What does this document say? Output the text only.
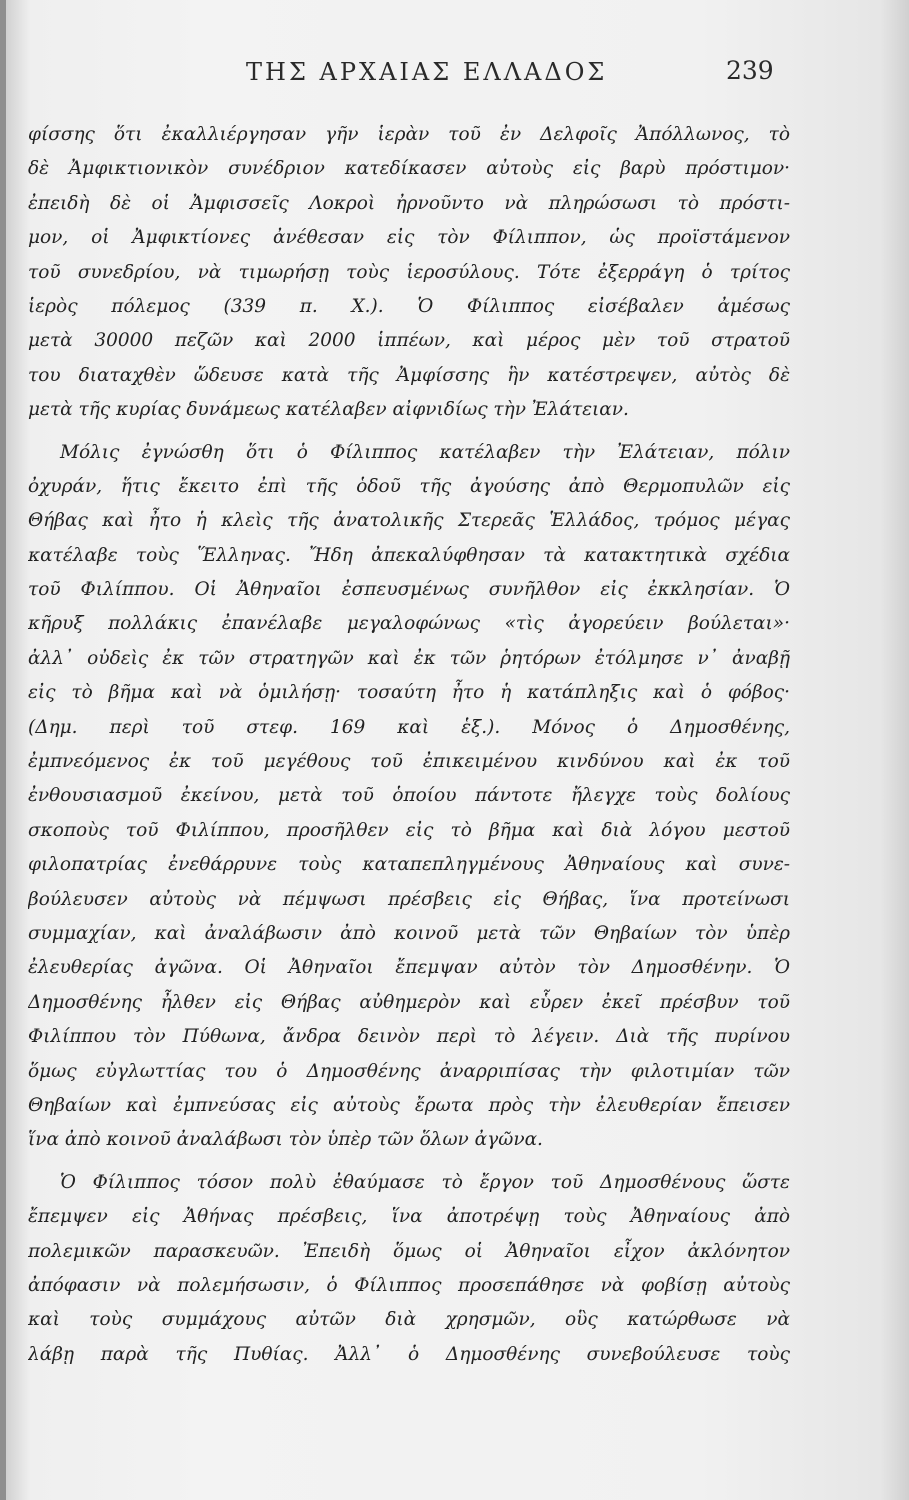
ΤΗΣ ΑΡΧΑΙΑΣ ΕΛΛΑΔΟΣ	239
φίσσης ὅτι ἐκαλλιέργησαν γῆν ἱερὰν τοῦ ἐν Δελφοῖς Ἀπόλλωνος, τὸ
δὲ Ἀμφικτιονικὸν συνέδριον κατεδίκασεν αὐτοὺς εἰς βαρὺ πρόστιμον·
ἐπειδὴ δὲ οἱ Ἀμφισσεῖς Λοκροὶ ἠρνοῦντο νὰ πληρώσωσι τὸ πρόστι-
μον, οἱ Ἀμφικτίονες ἀνέθεσαν εἰς τὸν Φίλιππον, ὡς προϊστάμενον
τοῦ συνεδρίου, νὰ τιμωρήσῃ τοὺς ἱεροσύλους. Τότε ἐξερράγη ὁ τρίτος
ἱερὸς πόλεμος (339 π. Χ.). Ὁ Φίλιππος εἰσέβαλεν ἀμέσως
μετὰ 30000 πεζῶν καὶ 2000 ἱππέων, καὶ μέρος μὲν τοῦ στρατοῦ
του διαταχθὲν ὥδευσε κατὰ τῆς Ἀμφίσσης ἣν κατέστρεψεν, αὐτὸς δὲ
μετὰ τῆς κυρίας δυνάμεως κατέλαβεν αἰφνιδίως τὴν Ἐλάτειαν.
Μόλις ἐγνώσθη ὅτι ὁ Φίλιππος κατέλαβεν τὴν Ἐλάτειαν, πόλιν
ὀχυράν, ἥτις ἔκειτο ἐπὶ τῆς ὁδοῦ τῆς ἀγούσης ἀπὸ Θερμοπυλῶν εἰς
Θήβας καὶ ἦτο ἡ κλεὶς τῆς ἀνατολικῆς Στερεᾶς Ἑλλάδος, τρόμος μέγας
κατέλαβε τοὺς Ἕλληνας. Ἤδη ἀπεκαλύφθησαν τὰ κατακτητικὰ σχέδια
τοῦ Φιλίππου. Οἱ Ἀθηναῖοι ἐσπευσμένως συνῆλθον εἰς ἐκκλησίαν. Ὁ
κῆρυξ πολλάκις ἐπανέλαβε μεγαλοφώνως «τὶς ἀγορεύειν βούλεται»·
ἀλλ᾿ οὐδεὶς ἐκ τῶν στρατηγῶν καὶ ἐκ τῶν ῥητόρων ἐτόλμησε ν᾿ ἀναβῇ
εἰς τὸ βῆμα καὶ νὰ ὁμιλήσῃ· τοσαύτη ἦτο ἡ κατάπληξις καὶ ὁ φόβος·
(Δημ. περὶ τοῦ στεφ. 169 καὶ ἑξ.). Μόνος ὁ Δημοσθένης,
ἐμπνεόμενος ἐκ τοῦ μεγέθους τοῦ ἐπικειμένου κινδύνου καὶ ἐκ τοῦ
ἐνθουσιασμοῦ ἐκείνου, μετὰ τοῦ ὁποίου πάντοτε ἤλεγχε τοὺς δολίους
σκοποὺς τοῦ Φιλίππου, προσῆλθεν εἰς τὸ βῆμα καὶ διὰ λόγου μεστοῦ
φιλοπατρίας ἐνεθάρρυνε τοὺς καταπεπληγμένους Ἀθηναίους καὶ συνε-
βούλευσεν αὐτοὺς νὰ πέμψωσι πρέσβεις εἰς Θήβας, ἵνα προτείνωσι
συμμαχίαν, καὶ ἀναλάβωσιν ἀπὸ κοινοῦ μετὰ τῶν Θηβαίων τὸν ὑπὲρ
ἐλευθερίας ἀγῶνα. Οἱ Ἀθηναῖοι ἔπεμψαν αὐτὸν τὸν Δημοσθένην. Ὁ
Δημοσθένης ἦλθεν εἰς Θήβας αὐθημερὸν καὶ εὗρεν ἐκεῖ πρέσβυν τοῦ
Φιλίππου τὸν Πύθωνα, ἄνδρα δεινὸν περὶ τὸ λέγειν. Διὰ τῆς πυρίνου
ὅμως εὐγλωττίας του ὁ Δημοσθένης ἀναρριπίσας τὴν φιλοτιμίαν τῶν
Θηβαίων καὶ ἐμπνεύσας εἰς αὐτοὺς ἔρωτα πρὸς τὴν ἐλευθερίαν ἔπεισεν
ἵνα ἀπὸ κοινοῦ ἀναλάβωσι τὸν ὑπὲρ τῶν ὅλων ἀγῶνα.
Ὁ Φίλιππος τόσον πολὺ ἐθαύμασε τὸ ἔργον τοῦ Δημοσθένους ὥστε
ἔπεμψεν εἰς Ἀθήνας πρέσβεις, ἵνα ἀποτρέψῃ τοὺς Ἀθηναίους ἀπὸ
πολεμικῶν παρασκευῶν. Ἐπειδὴ ὅμως οἱ Ἀθηναῖοι εἶχον ἀκλόνητον
ἀπόφασιν νὰ πολεμήσωσιν, ὁ Φίλιππος προσεπάθησε νὰ φοβίσῃ αὐτοὺς
καὶ τοὺς συμμάχους αὐτῶν διὰ χρησμῶν, οὓς κατώρθωσε νὰ
λάβῃ παρὰ τῆς Πυθίας. Ἀλλ᾿ ὁ Δημοσθένης συνεβούλευσε τοὺς
